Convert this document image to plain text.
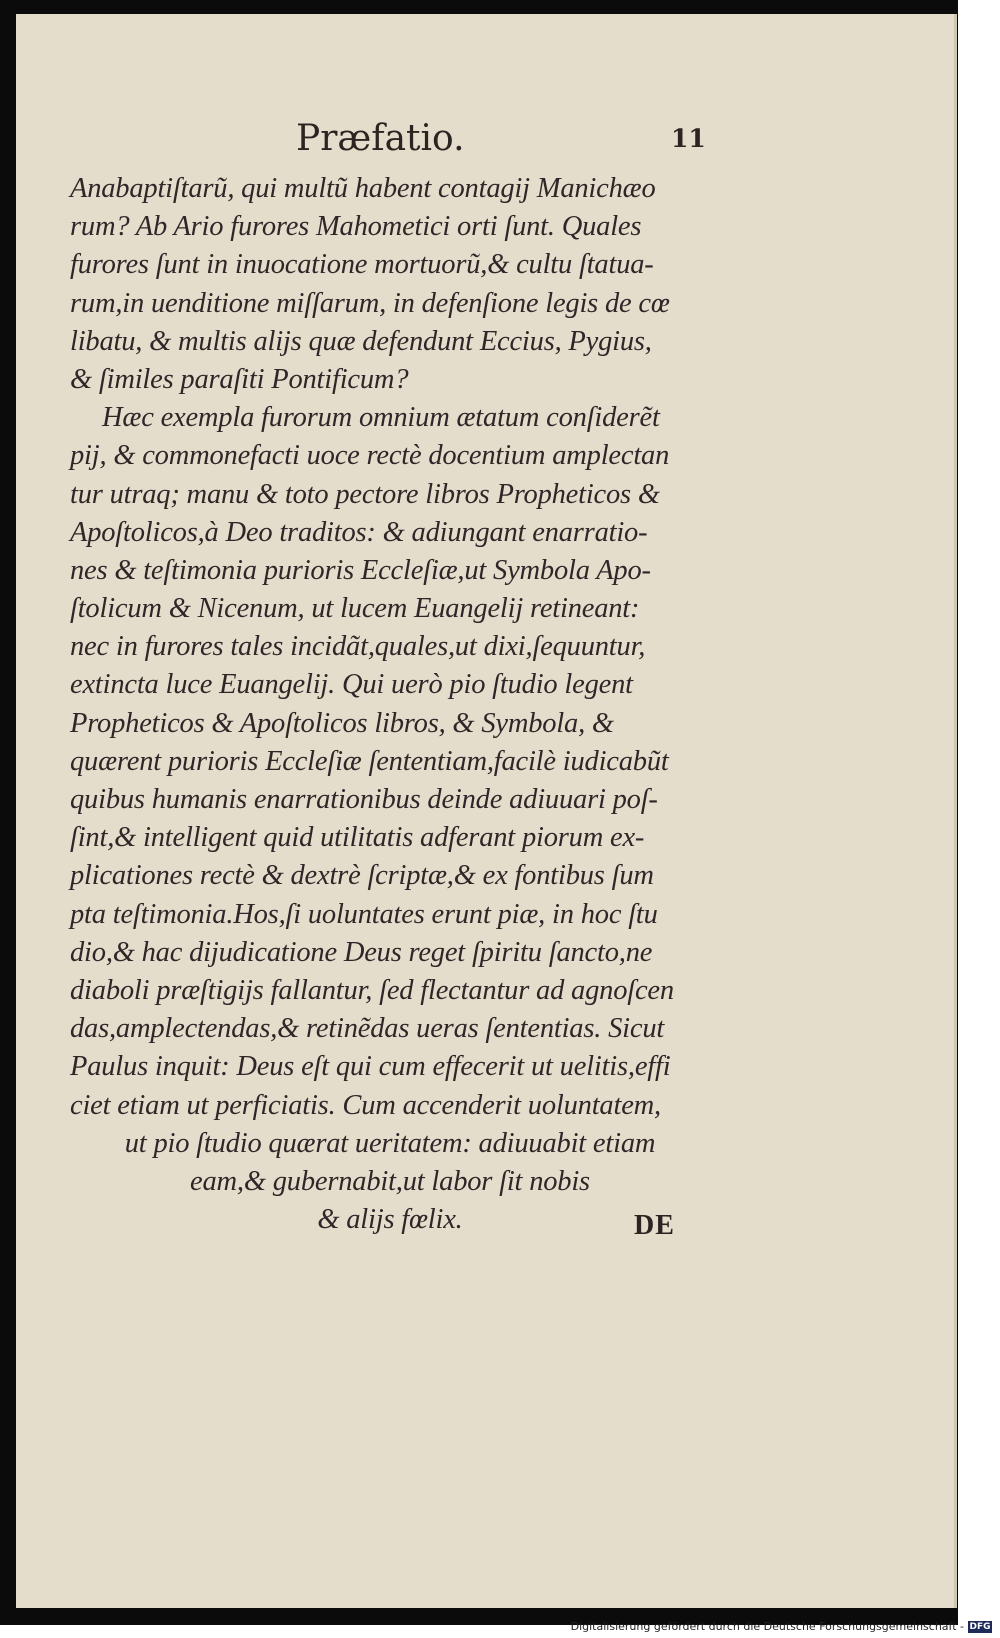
Præfatio.	11
Anabaptiſtarũ, qui multũ habent contagij Manichæo
rum? Ab Ario furores Mahometici orti ſunt. Quales
furores ſunt in inuocatione mortuorũ,& cultu ſtatua-
rum,in uenditione miſſarum, in defenſione legis de cœ
libatu, & multis alijs quæ defendunt Eccius, Pygius,
& ſimiles paraſiti Pontificum?
Hæc exempla furorum omnium ætatum conſiderẽt
pij, & commonefacti uoce rectè docentium amplectan
tur utraq; manu & toto pectore libros Propheticos &
Apoſtolicos,à Deo traditos: & adiungant enarratio-
nes & teſtimonia purioris Eccleſiæ,ut Symbola Apo-
ſtolicum & Nicenum, ut lucem Euangelij retineant:
nec in furores tales incidãt,quales,ut dixi,ſequuntur,
extincta luce Euangelij. Qui uerò pio ſtudio legent
Propheticos & Apoſtolicos libros, & Symbola, &
quærent purioris Eccleſiæ ſententiam,facilè iudicabũt
quibus humanis enarrationibus deinde adiuuari poſ-
ſint,& intelligent quid utilitatis adferant piorum ex-
plicationes rectè & dextrè ſcriptæ,& ex fontibus ſum
pta teſtimonia.Hos,ſi uoluntates erunt piæ, in hoc ſtu
dio,& hac dijudicatione Deus reget ſpiritu ſancto,ne
diaboli præſtigijs fallantur, ſed flectantur ad agnoſcen
das,amplectendas,& retinẽdas ueras ſententias. Sicut
Paulus inquit: Deus eſt qui cum effecerit ut uelitis,effi
ciet etiam ut perficiatis. Cum accenderit uoluntatem,
ut pio ſtudio quærat ueritatem: adiuuabit etiam
eam,& gubernabit,ut labor ſit nobis
& alijs fœlix.	DE
Digitalisierung gefördert durch die Deutsche Forschungsgemeinschaft - DFG
